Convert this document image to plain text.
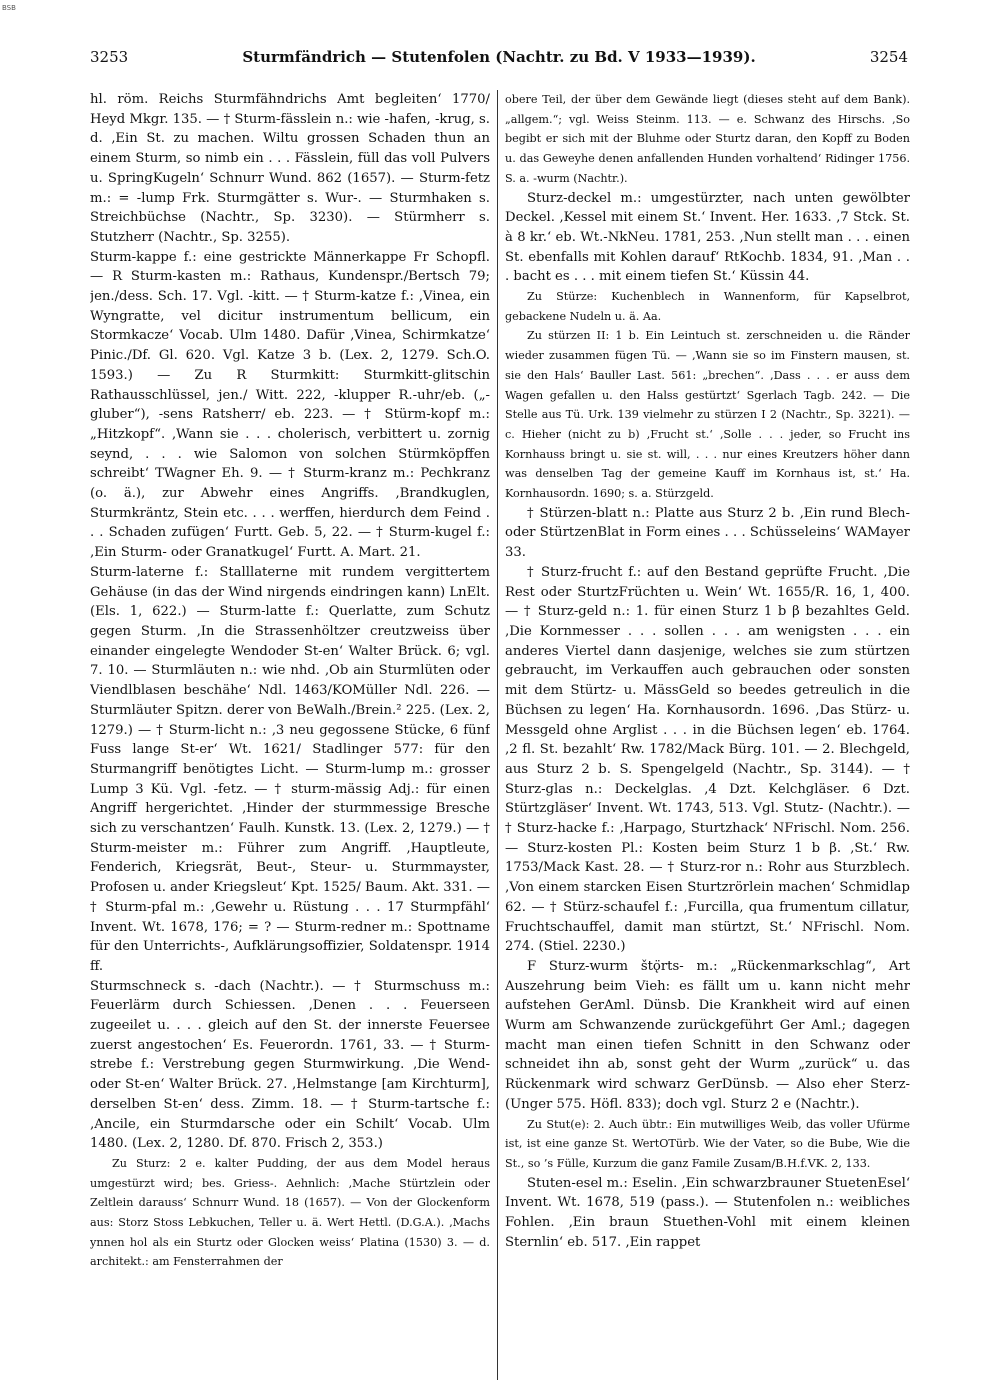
BSB
3253	Sturmfändrich — Stutenfolen (Nachtr. zu Bd. V 1933—1939).	3254

hl. röm. Reichs Sturmfähndrichs Amt begleiten‘ 1770/ Heyd Mkgr. 135. — † Sturm-fässlein n.: wie -hafen, -krug, s. d. ‚Ein St. zu machen. Wiltu grossen Schaden thun an einem Sturm, so nimb ein . . . Fässlein, füll das voll Pulvers u. SpringKugeln‘ Schnurr Wund. 862 (1657). — Sturm-fetz m.: = -lump Frk. Sturmgätter s. Wur-. — Sturmhaken s. Streichbüchse (Nachtr., Sp. 3230). — Stürmherr s. Stutzherr (Nachtr., Sp. 3255).

Sturm-kappe f.: eine gestrickte Männerkappe Fr Schopfl. — R Sturm-kasten m.: Rathaus, Kundenspr./Bertsch 79; jen./dess. Sch. 17. Vgl. -kitt. — † Sturm-katze f.: ‚Vinea, ein Wyngratte, vel dicitur instrumentum bellicum, ein Stormkacze‘ Vocab. Ulm 1480. Dafür ‚Vinea, Schirmkatze‘ Pinic./Df. Gl. 620. Vgl. Katze 3 b. (Lex. 2, 1279. Sch.O. 1593.) — Zu R Sturmkitt: Sturmkitt-glitschin Rathausschlüssel, jen./ Witt. 222, -klupper R.-uhr/eb. („-gluber“), -sens Ratsherr/ eb. 223. — † Stürm-kopf m.: „Hitzkopf“. ‚Wann sie . . . cholerisch, verbittert u. zornig seynd, . . . wie Salomon von solchen Stürmköpffen schreibt‘ TWagner Eh. 9. — † Sturm-kranz m.: Pechkranz (o. ä.), zur Abwehr eines Angriffs. ‚Brandkuglen, Sturmkräntz, Stein etc. . . . werffen, hierdurch dem Feind . . . Schaden zufügen‘ Furtt. Geb. 5, 22. — † Sturm-kugel f.: ‚Ein Sturm- oder Granatkugel‘ Furtt. A. Mart. 21.

Sturm-laterne f.: Stalllaterne mit rundem vergittertem Gehäuse (in das der Wind nirgends eindringen kann) LnElt. (Els. 1, 622.) — Sturm-latte f.: Querlatte, zum Schutz gegen Sturm. ‚In die Strassenhöltzer creutzweiss über einander eingelegte Wendoder St-en‘ Walter Brück. 6; vgl. 7. 10. — Sturmläuten n.: wie nhd. ‚Ob ain Sturmlüten oder Viendlblasen beschähe‘ Ndl. 1463/KOMüller Ndl. 226. — Sturmläuter Spitzn. derer von BeWalh./Brein.² 225. (Lex. 2, 1279.) — † Sturm-licht n.: ‚3 neu gegossene Stücke, 6 fünf Fuss lange St-er‘ Wt. 1621/ Stadlinger 577: für den Sturmangriff benötigtes Licht. — Sturm-lump m.: grosser Lump 3 Kü. Vgl. -fetz. — † sturm-mässig Adj.: für einen Angriff hergerichtet. ‚Hinder der sturmmessige Bresche sich zu verschantzen‘ Faulh. Kunstk. 13. (Lex. 2, 1279.) — † Sturm-meister m.: Führer zum Angriff. ‚Hauptleute, Fenderich, Kriegsrät, Beut-, Steur- u. Sturmmayster, Profosen u. ander Kriegsleut‘ Kpt. 1525/ Baum. Akt. 331. — † Sturm-pfal m.: ‚Gewehr u. Rüstung . . . 17 Sturmpfähl‘ Invent. Wt. 1678, 176; = ? — Sturm-redner m.: Spottname für den Unterrichts-, Aufklärungsoffizier, Soldatenspr. 1914 ff.

Sturmschneck s. -dach (Nachtr.). — † Sturmschuss m.: Feuerlärm durch Schiessen. ‚Denen . . . Feuerseen zugeeilet u. . . . gleich auf den St. der innerste Feuersee zuerst angestochen‘ Es. Feuerordn. 1761, 33. — † Sturm-strebe f.: Verstrebung gegen Sturmwirkung. ‚Die Wend- oder St-en‘ Walter Brück. 27. ‚Helmstange [am Kirchturm], derselben St-en‘ dess. Zimm. 18. — † Sturm-tartsche f.: ‚Ancile, ein Sturmdarsche oder ein Schilt‘ Vocab. Ulm 1480. (Lex. 2, 1280. Df. 870. Frisch 2, 353.)

Zu Sturz: 2 e. kalter Pudding, der aus dem Model heraus umgestürzt wird; bes. Griess-. Aehnlich: ‚Mache Stürtzlein oder Zeltlein darauss‘ Schnurr Wund. 18 (1657). — Von der Glockenform aus: Storz Stoss Lebkuchen, Teller u. ä. Wert Hettl. (D.G.A.). ‚Machs ynnen hol als ein Sturtz oder Glocken weiss‘ Platina (1530) 3. — d. architekt.: am Fensterrahmen der

obere Teil, der über dem Gewände liegt (dieses steht auf dem Bank). „allgem.“; vgl. Weiss Steinm. 113. — e. Schwanz des Hirschs. ‚So begibt er sich mit der Bluhme oder Sturtz daran, den Kopff zu Boden u. das Geweyhe denen anfallenden Hunden vorhaltend‘ Ridinger 1756. S. a. -wurm (Nachtr.).

Sturz-deckel m.: umgestürzter, nach unten gewölbter Deckel. ‚Kessel mit einem St.‘ Invent. Her. 1633. ‚7 Stck. St. à 8 kr.‘ eb. Wt.-NkNeu. 1781, 253. ‚Nun stellt man . . . einen St. ebenfalls mit Kohlen darauf‘ RtKochb. 1834, 91. ‚Man . . . bacht es . . . mit einem tiefen St.‘ Küssin 44.

Zu Stürze: Kuchenblech in Wannenform, für Kapselbrot, gebackene Nudeln u. ä. Aa.

Zu stürzen II: 1 b. Ein Leintuch st. zerschneiden u. die Ränder wieder zusammen fügen Tü. — ‚Wann sie so im Finstern mausen, st. sie den Hals‘ Bauller Last. 561: „brechen“. ‚Dass . . . er auss dem Wagen gefallen u. den Halss gestürtzt‘ Sgerlach Tagb. 242. — Die Stelle aus Tü. Urk. 139 vielmehr zu stürzen I 2 (Nachtr., Sp. 3221). — c. Hieher (nicht zu b) ‚Frucht st.‘ ‚Solle . . . jeder, so Frucht ins Kornhauss bringt u. sie st. will, . . . nur eines Kreutzers höher dann was denselben Tag der gemeine Kauff im Kornhaus ist, st.‘ Ha. Kornhausordn. 1690; s. a. Stürzgeld.

† Stürzen-blatt n.: Platte aus Sturz 2 b. ‚Ein rund Blech- oder StürtzenBlat in Form eines . . . Schüsseleins‘ WAMayer 33.

† Sturz-frucht f.: auf den Bestand geprüfte Frucht. ‚Die Rest oder SturtzFrüchten u. Wein‘ Wt. 1655/R. 16, 1, 400. — † Sturz-geld n.: 1. für einen Sturz 1 b β bezahltes Geld. ‚Die Kornmesser . . . sollen . . . am wenigsten . . . ein anderes Viertel dann dasjenige, welches sie zum stürtzen gebraucht, im Verkauffen auch gebrauchen oder sonsten mit dem Stürtz- u. MässGeld so beedes getreulich in die Büchsen zu legen‘ Ha. Kornhausordn. 1696. ‚Das Stürz- u. Messgeld ohne Arglist . . . in die Büchsen legen‘ eb. 1764. ‚2 fl. St. bezahlt‘ Rw. 1782/Mack Bürg. 101. — 2. Blechgeld, aus Sturz 2 b. S. Spengelgeld (Nachtr., Sp. 3144). — † Sturz-glas n.: Deckelglas. ‚4 Dzt. Kelchgläser. 6 Dzt. Stürtzgläser‘ Invent. Wt. 1743, 513. Vgl. Stutz- (Nachtr.). — † Sturz-hacke f.: ‚Harpago, Sturtzhack‘ NFrischl. Nom. 256. — Sturz-kosten Pl.: Kosten beim Sturz 1 b β. ‚St.‘ Rw. 1753/Mack Kast. 28. — † Sturz-ror n.: Rohr aus Sturzblech. ‚Von einem starcken Eisen Sturtzrörlein machen‘ Schmidlap 62. — † Stürz-schaufel f.: ‚Furcilla, qua frumentum cillatur, Fruchtschauffel, damit man stürtzt, St.‘ NFrischl. Nom. 274. (Stiel. 2230.)

F Sturz-wurm štǫ̈rts- m.: „Rückenmarkschlag“, Art Auszehrung beim Vieh: es fällt um u. kann nicht mehr aufstehen GerAml. Dünsb. Die Krankheit wird auf einen Wurm am Schwanzende zurückgeführt Ger Aml.; dagegen macht man einen tiefen Schnitt in den Schwanz oder schneidet ihn ab, sonst geht der Wurm „zurück“ u. das Rückenmark wird schwarz GerDünsb. — Also eher Sterz- (Unger 575. Höfl. 833); doch vgl. Sturz 2 e (Nachtr.).

Zu Stut(e): 2. Auch übtr.: Ein mutwilliges Weib, das voller Ufürme ist, ist eine ganze St. WertOTürb. Wie der Vater, so die Bube, Wie die St., so ’s Fülle, Kurzum die ganz Famile Zusam/B.H.f.VK. 2, 133.

Stuten-esel m.: Eselin. ‚Ein schwarzbrauner StuetenEsel‘ Invent. Wt. 1678, 519 (pass.). — Stutenfolen n.: weibliches Fohlen. ‚Ein braun Stuethen-Vohl mit einem kleinen Sternlin‘ eb. 517. ‚Ein rappet
